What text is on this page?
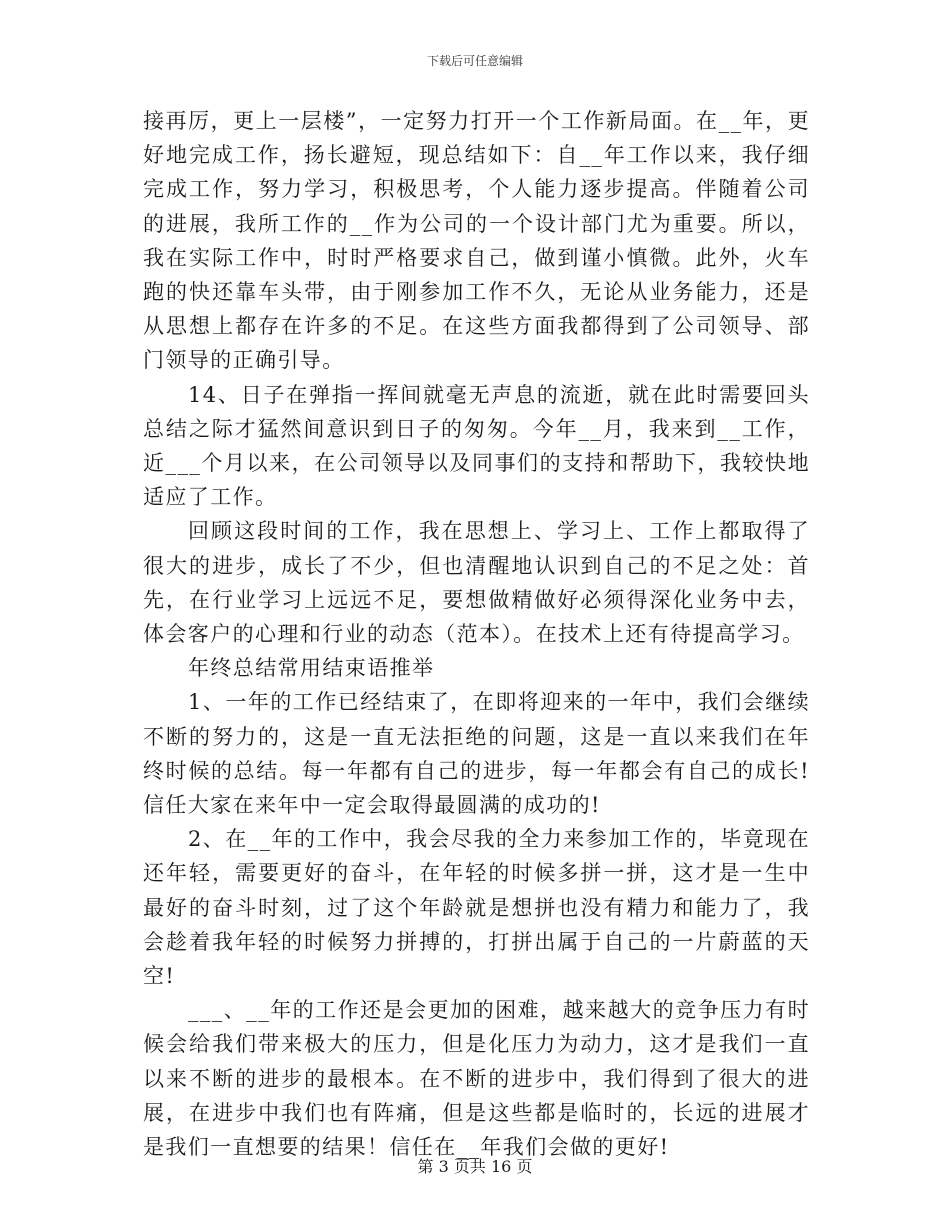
下载后可任意编辑

接再厉，更上一层楼”，一定努力打开一个工作新局面。在__年，更好地完成工作，扬长避短，现总结如下：自__年工作以来，我仔细完成工作，努力学习，积极思考，个人能力逐步提高。伴随着公司的进展，我所工作的__作为公司的一个设计部门尤为重要。所以，我在实际工作中，时时严格要求自己，做到谨小慎微。此外，火车跑的快还靠车头带，由于刚参加工作不久，无论从业务能力，还是从思想上都存在许多的不足。在这些方面我都得到了公司领导、部门领导的正确引导。

14、日子在弹指一挥间就毫无声息的流逝，就在此时需要回头总结之际才猛然间意识到日子的匆匆。今年__月，我来到__工作，近___个月以来，在公司领导以及同事们的支持和帮助下，我较快地适应了工作。

回顾这段时间的工作，我在思想上、学习上、工作上都取得了很大的进步，成长了不少，但也清醒地认识到自己的不足之处：首先，在行业学习上远远不足，要想做精做好必须得深化业务中去，体会客户的心理和行业的动态（范本）。在技术上还有待提高学习。

年终总结常用结束语推举

1、一年的工作已经结束了，在即将迎来的一年中，我们会继续不断的努力的，这是一直无法拒绝的问题，这是一直以来我们在年终时候的总结。每一年都有自己的进步，每一年都会有自己的成长!信任大家在来年中一定会取得最圆满的成功的!

2、在__年的工作中，我会尽我的全力来参加工作的，毕竟现在还年轻，需要更好的奋斗，在年轻的时候多拼一拼，这才是一生中最好的奋斗时刻，过了这个年龄就是想拼也没有精力和能力了，我会趁着我年轻的时候努力拼搏的，打拼出属于自己的一片蔚蓝的天空!

___、__年的工作还是会更加的困难，越来越大的竞争压力有时候会给我们带来极大的压力，但是化压力为动力，这才是我们一直以来不断的进步的最根本。在不断的进步中，我们得到了很大的进展，在进步中我们也有阵痛，但是这些都是临时的，长远的进展才是我们一直想要的结果！信任在__年我们会做的更好!

第 3 页共 16 页
